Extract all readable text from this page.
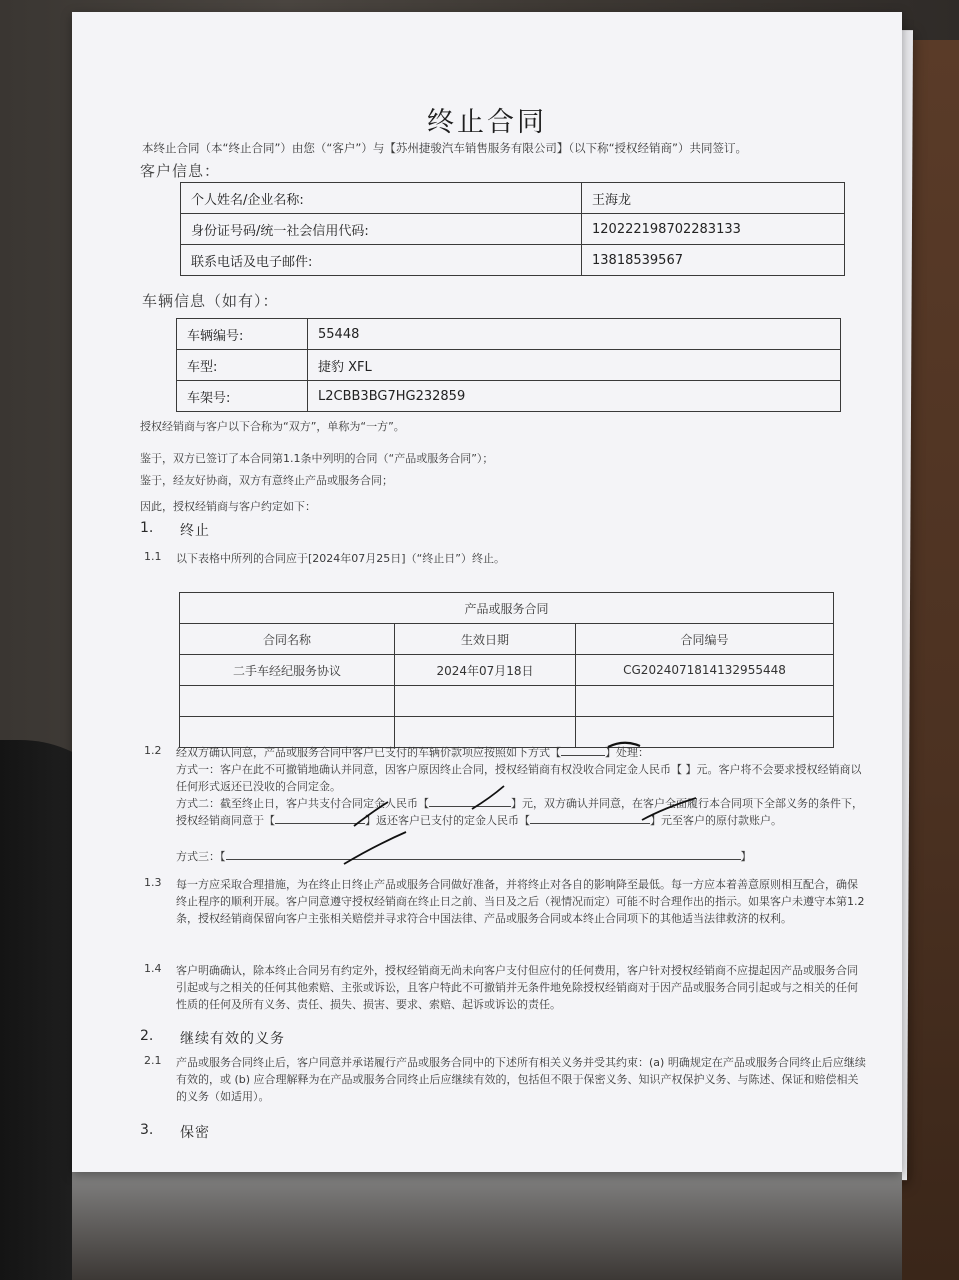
终止合同
本终止合同（本“终止合同”）由您（“客户”）与【苏州捷骏汽车销售服务有限公司】（以下称“授权经销商”）共同签订。
客户信息：
个人姓名/企业名称:	王海龙
身份证号码/统一社会信用代码:	120222198702283133
联系电话及电子邮件:	13818539567
车辆信息（如有）：
车辆编号:	55448
车型:	捷豹 XFL
车架号:	L2CBB3BG7HG232859
授权经销商与客户以下合称为“双方”，单称为“一方”。
鉴于，双方已签订了本合同第1.1条中列明的合同（“产品或服务合同”）；
鉴于，经友好协商，双方有意终止产品或服务合同；
因此，授权经销商与客户约定如下：
1. 终止
1.1 以下表格中所列的合同应于[2024年07月25日]（“终止日”）终止。
产品或服务合同		
合同名称	生效日期	合同编号
二手车经纪服务协议	2024年07月18日	CG2024071814132955448

1.2 经双方确认同意，产品或服务合同中客户已支付的车辆价款项应按照如下方式【	】处理：
方式一：客户在此不可撤销地确认并同意，因客户原因终止合同，授权经销商有权没收合同定金人民币【 】元。客户将不会要求授权经销商以任何形式返还已没收的合同定金。
方式二：截至终止日，客户共支付合同定金人民币【	】元，双方确认并同意，在客户全面履行本合同项下全部义务的条件下，授权经销商同意于【	】返还客户已支付的定金人民币【	】元至客户的原付款账户。
方式三：【	】
1.3 每一方应采取合理措施，为在终止日终止产品或服务合同做好准备，并将终止对各自的影响降至最低。每一方应本着善意原则相互配合，确保终止程序的顺利开展。客户同意遵守授权经销商在终止日之前、当日及之后（视情况而定）可能不时合理作出的指示。如果客户未遵守本第1.2条，授权经销商保留向客户主张相关赔偿并寻求符合中国法律、产品或服务合同或本终止合同项下的其他适当法律救济的权利。
1.4 客户明确确认，除本终止合同另有约定外，授权经销商无尚未向客户支付但应付的任何费用，客户针对授权经销商不应提起因产品或服务合同引起或与之相关的任何其他索赔、主张或诉讼，且客户特此不可撤销并无条件地免除授权经销商对于因产品或服务合同引起或与之相关的任何性质的任何及所有义务、责任、损失、损害、要求、索赔、起诉或诉讼的责任。
2. 继续有效的义务
2.1 产品或服务合同终止后，客户同意并承诺履行产品或服务合同中的下述所有相关义务并受其约束：(a) 明确规定在产品或服务合同终止后应继续有效的，或 (b) 应合理解释为在产品或服务合同终止后应继续有效的，包括但不限于保密义务、知识产权保护义务、与陈述、保证和赔偿相关的义务（如适用）。
3. 保密
